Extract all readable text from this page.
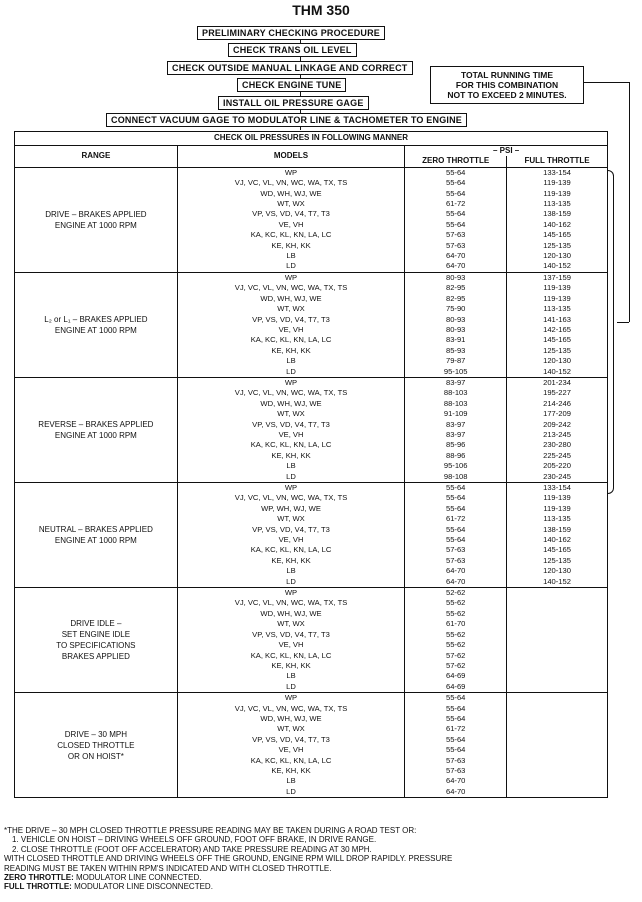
THM 350
PRELIMINARY CHECKING PROCEDURE
CHECK TRANS OIL LEVEL
CHECK OUTSIDE MANUAL LINKAGE AND CORRECT
CHECK ENGINE TUNE
INSTALL OIL PRESSURE GAGE
CONNECT VACUUM GAGE TO MODULATOR LINE & TACHOMETER TO ENGINE
TOTAL RUNNING TIME
FOR THIS COMBINATION
NOT TO EXCEED 2 MINUTES.
CHECK OIL PRESSURES IN FOLLOWING MANNER			
RANGE	MODELS	– PSI –	
		ZERO THROTTLE	FULL THROTTLE

DRIVE – BRAKES APPLIED
ENGINE AT 1000 RPM	WP	55-64	133-154
	VJ, VC, VL, VN, WC, WA, TX, TS	55-64	119-139
	WD, WH, WJ, WE	55-64	119-139
	WT, WX	61-72	113-135
	VP, VS, VD, V4, T7, T3	55-64	138-159
	VE, VH	55-64	140-162
	KA, KC, KL, KN, LA, LC	57-63	145-165
	KE, KH, KK	57-63	125-135
	LB	64-70	120-130
	LD	64-70	140-152

L₂ or L₁ – BRAKES APPLIED
ENGINE AT 1000 RPM	WP	80-93	137-159
	VJ, VC, VL, VN, WC, WA, TX, TS	82-95	119-139
	WD, WH, WJ, WE	82-95	119-139
	WT, WX	75-90	113-135
	VP, VS, VD, V4, T7, T3	80-93	141-163
	VE, VH	80-93	142-165
	KA, KC, KL, KN, LA, LC	83-91	145-165
	KE, KH, KK	85-93	125-135
	LB	79-87	120-130
	LD	95-105	140-152

REVERSE – BRAKES APPLIED
ENGINE AT 1000 RPM	WP	83-97	201-234
	VJ, VC, VL, VN, WC, WA, TX, TS	88-103	195-227
	WD, WH, WJ, WE	88-103	214-246
	WT, WX	91-109	177-209
	VP, VS, VD, V4, T7, T3	83-97	209-242
	VE, VH	83-97	213-245
	KA, KC, KL, KN, LA, LC	85-96	230-280
	KE, KH, KK	88-96	225-245
	LB	95-106	205-220
	LD	98-108	230-245

NEUTRAL – BRAKES APPLIED
ENGINE AT 1000 RPM	WP	55-64	133-154
	VJ, VC, VL, VN, WC, WA, TX, TS	55-64	119-139
	WP, WH, WJ, WE	55-64	119-139
	WT, WX	61-72	113-135
	VP, VS, VD, V4, T7, T3	55-64	138-159
	VE, VH	55-64	140-162
	KA, KC, KL, KN, LA, LC	57-63	145-165
	KE, KH, KK	57-63	125-135
	LB	64-70	120-130
	LD	64-70	140-152

DRIVE IDLE –
SET ENGINE IDLE
TO SPECIFICATIONS
BRAKES APPLIED	WP	52-62	
	VJ, VC, VL, VN, WC, WA, TX, TS	55-62	
	WD, WH, WJ, WE	55-62	
	WT, WX	61-70	
	VP, VS, VD, V4, T7, T3	55-62	
	VE, VH	55-62	
	KA, KC, KL, KN, LA, LC	57-62	
	KE, KH, KK	57-62	
	LB	64-69	
	LD	64-69	

DRIVE – 30 MPH
CLOSED THROTTLE
OR ON HOIST*	WP	55-64	
	VJ, VC, VL, VN, WC, WA, TX, TS	55-64	
	WD, WH, WJ, WE	55-64	
	WT, WX	61-72	
	VP, VS, VD, V4, T7, T3	55-64	
	VE, VH	55-64	
	KA, KC, KL, KN, LA, LC	57-63	
	KE, KH, KK	57-63	
	LB	64-70	
	LD	64-70	
*THE DRIVE – 30 MPH CLOSED THROTTLE PRESSURE READING MAY BE TAKEN DURING A ROAD TEST OR:
1. VEHICLE ON HOIST – DRIVING WHEELS OFF GROUND, FOOT OFF BRAKE, IN DRIVE RANGE.
2. CLOSE THROTTLE (FOOT OFF ACCELERATOR) AND TAKE PRESSURE READING AT 30 MPH.
WITH CLOSED THROTTLE AND DRIVING WHEELS OFF THE GROUND, ENGINE RPM WILL DROP RAPIDLY. PRESSURE
READING MUST BE TAKEN WITHIN RPM'S INDICATED AND WITH CLOSED THROTTLE.
ZERO THROTTLE: MODULATOR LINE CONNECTED.
FULL THROTTLE: MODULATOR LINE DISCONNECTED.
